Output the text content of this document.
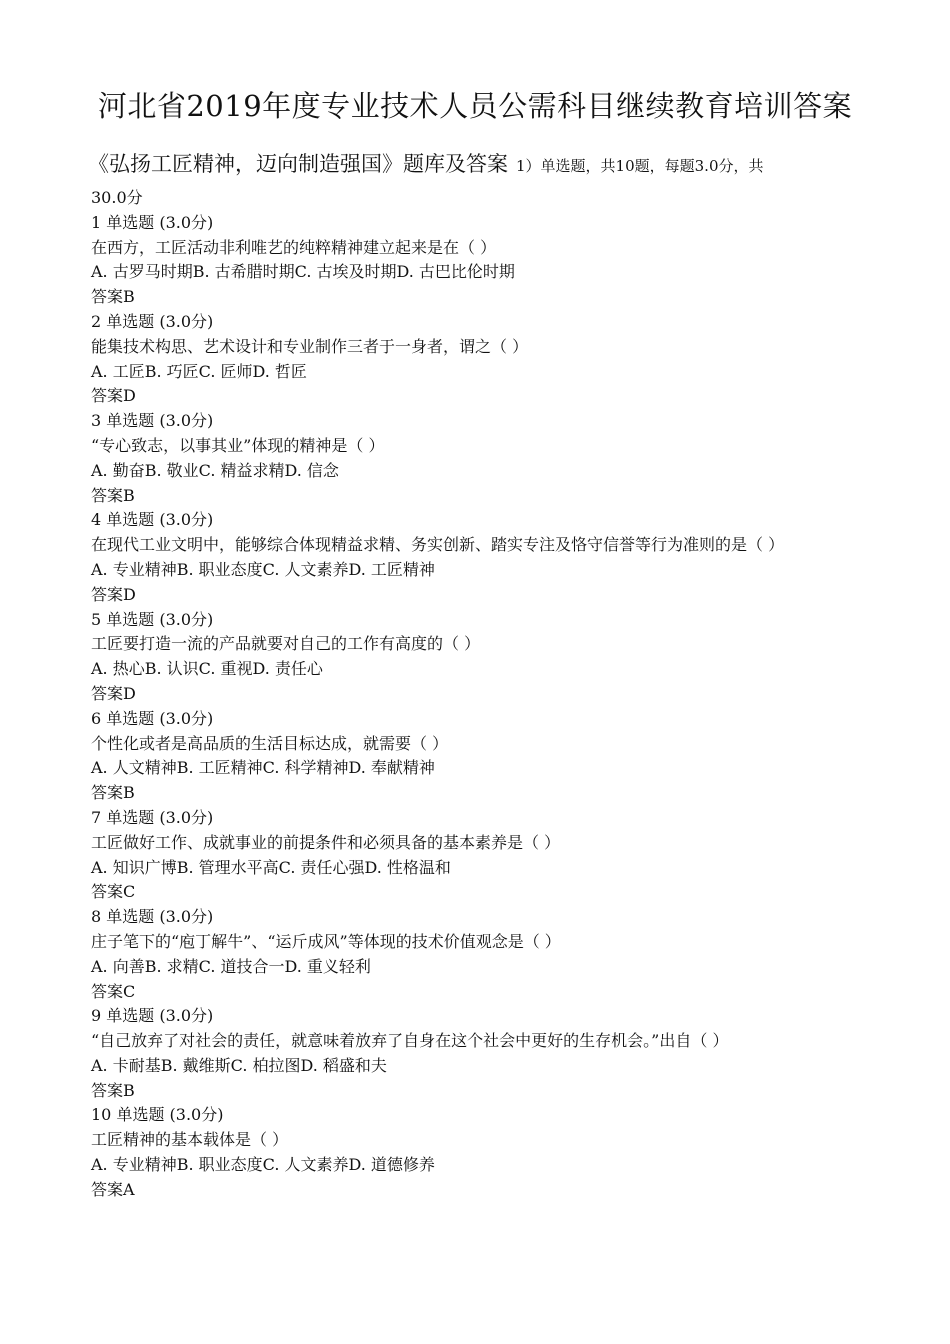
河北省2019年度专业技术人员公需科目继续教育培训答案
《弘扬工匠精神，迈向制造强国》题库及答案 1）单选题，共10题，每题3.0分，共
30.0分
1 单选题 (3.0分)
在西方，工匠活动非利唯艺的纯粹精神建立起来是在（ ）
A. 古罗马时期B. 古希腊时期C. 古埃及时期D. 古巴比伦时期
答案B
2 单选题 (3.0分)
能集技术构思、艺术设计和专业制作三者于一身者，谓之（ ）
A. 工匠B. 巧匠C. 匠师D. 哲匠
答案D
3 单选题 (3.0分)
“专心致志，以事其业”体现的精神是（ ）
A. 勤奋B. 敬业C. 精益求精D. 信念
答案B
4 单选题 (3.0分)
在现代工业文明中，能够综合体现精益求精、务实创新、踏实专注及恪守信誉等行为准则的是（ ）
A. 专业精神B. 职业态度C. 人文素养D. 工匠精神
答案D
5 单选题 (3.0分)
工匠要打造一流的产品就要对自己的工作有高度的（ ）
A. 热心B. 认识C. 重视D. 责任心
答案D
6 单选题 (3.0分)
个性化或者是高品质的生活目标达成，就需要（ ）
A. 人文精神B. 工匠精神C. 科学精神D. 奉献精神
答案B
7 单选题 (3.0分)
工匠做好工作、成就事业的前提条件和必须具备的基本素养是（ ）
A. 知识广博B. 管理水平高C. 责任心强D. 性格温和
答案C
8 单选题 (3.0分)
庄子笔下的“庖丁解牛”、“运斤成风”等体现的技术价值观念是（ ）
A. 向善B. 求精C. 道技合一D. 重义轻利
答案C
9 单选题 (3.0分)
“自己放弃了对社会的责任，就意味着放弃了自身在这个社会中更好的生存机会。”出自（ ）
A. 卡耐基B. 戴维斯C. 柏拉图D. 稻盛和夫
答案B
10 单选题 (3.0分)
工匠精神的基本载体是（ ）
A. 专业精神B. 职业态度C. 人文素养D. 道德修养
答案A
